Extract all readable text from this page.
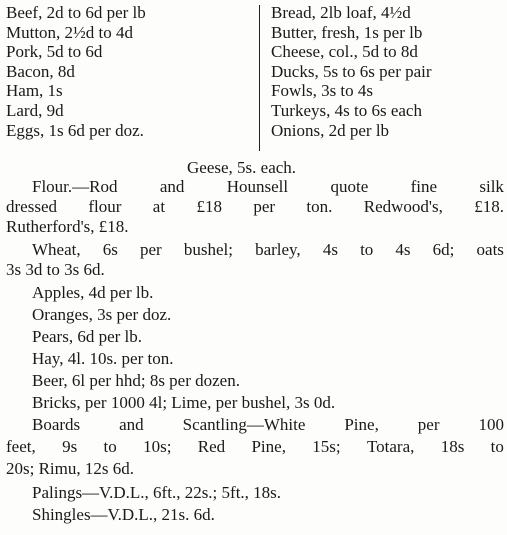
Beef, 2d to 6d per lb
Mutton, 2½d to 4d
Pork, 5d to 6d
Bacon, 8d
Ham, 1s
Lard, 9d
Eggs, 1s 6d per doz.
Bread, 2lb loaf, 4½d
Butter, fresh, 1s per lb
Cheese, col., 5d to 8d
Ducks, 5s to 6s per pair
Fowls, 3s to 4s
Turkeys, 4s to 6s each
Onions, 2d per lb
Geese, 5s. each.
Flour.—Rod and Hounsell quote fine silk
dressed flour at £18 per ton. Redwood's, £18.
Rutherford's, £18.
Wheat, 6s per bushel; barley, 4s to 4s 6d; oats
3s 3d to 3s 6d.
Apples, 4d per lb.
Oranges, 3s per doz.
Pears, 6d per lb.
Hay, 4l. 10s. per ton.
Beer, 6l per hhd; 8s per dozen.
Bricks, per 1000 4l; Lime, per bushel, 3s 0d.
Boards and Scantling—White Pine, per 100
feet, 9s to 10s; Red Pine, 15s; Totara, 18s to
20s; Rimu, 12s 6d.
Palings—V.D.L., 6ft., 22s.; 5ft., 18s.
Shingles—V.D.L., 21s. 6d.
